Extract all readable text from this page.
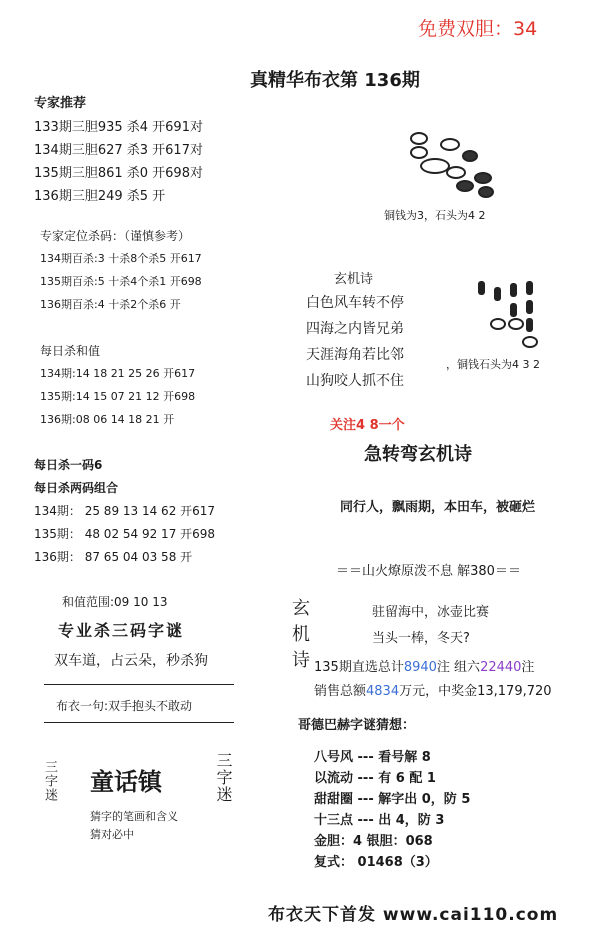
免费双胆：34
真精华布衣第 136期
专家推荐
133期三胆935 杀4 开691对
134期三胆627 杀3 开617对
135期三胆861 杀0 开698对
136期三胆249 杀5 开
专家定位杀码：（谨慎参考）
134期百杀:3 十杀8个杀5 开617
135期百杀:5 十杀4个杀1 开698
136期百杀:4 十杀2个杀6 开
每日杀和值
134期:14 18 21 25 26 开617
135期:14 15 07 21 12 开698
136期:08 06 14 18 21 开
每日杀一码6
每日杀两码组合
134期： 25 89 13 14 62 开617
135期： 48 02 54 92 17 开698
136期： 87 65 04 03 58 开
和值范围:09 10 13
专业杀三码字谜
双车道，占云朵，秒杀狗
布衣一句:双手抱头不敢动
三字迷 童话镇	三字迷
猜字的笔画和含义
猜对必中
铜钱为3，石头为4 2
玄机诗
白色风车转不停
四海之内皆兄弟
天涯海角若比邻
山狗咬人抓不住
，铜钱石头为4 3 2
关注4 8一个
急转弯玄机诗
同行人，飘雨期，本田车，被砸烂
＝＝山火燎原泼不息 解380＝＝
玄机诗	驻留海中，冰壶比赛
当头一棒，冬天?
135期直选总计8940注 组六22440注
销售总额4834万元，中奖金13,179,720
哥德巴赫字谜猜想：
八号风 --- 看号解 8
以流动 --- 有 6 配 1
甜甜圈 --- 解字出 0，防 5
十三点 --- 出 4，防 3
金胆：4 银胆：068
复式： 01468（3）
布衣天下首发 www.cai110.com
